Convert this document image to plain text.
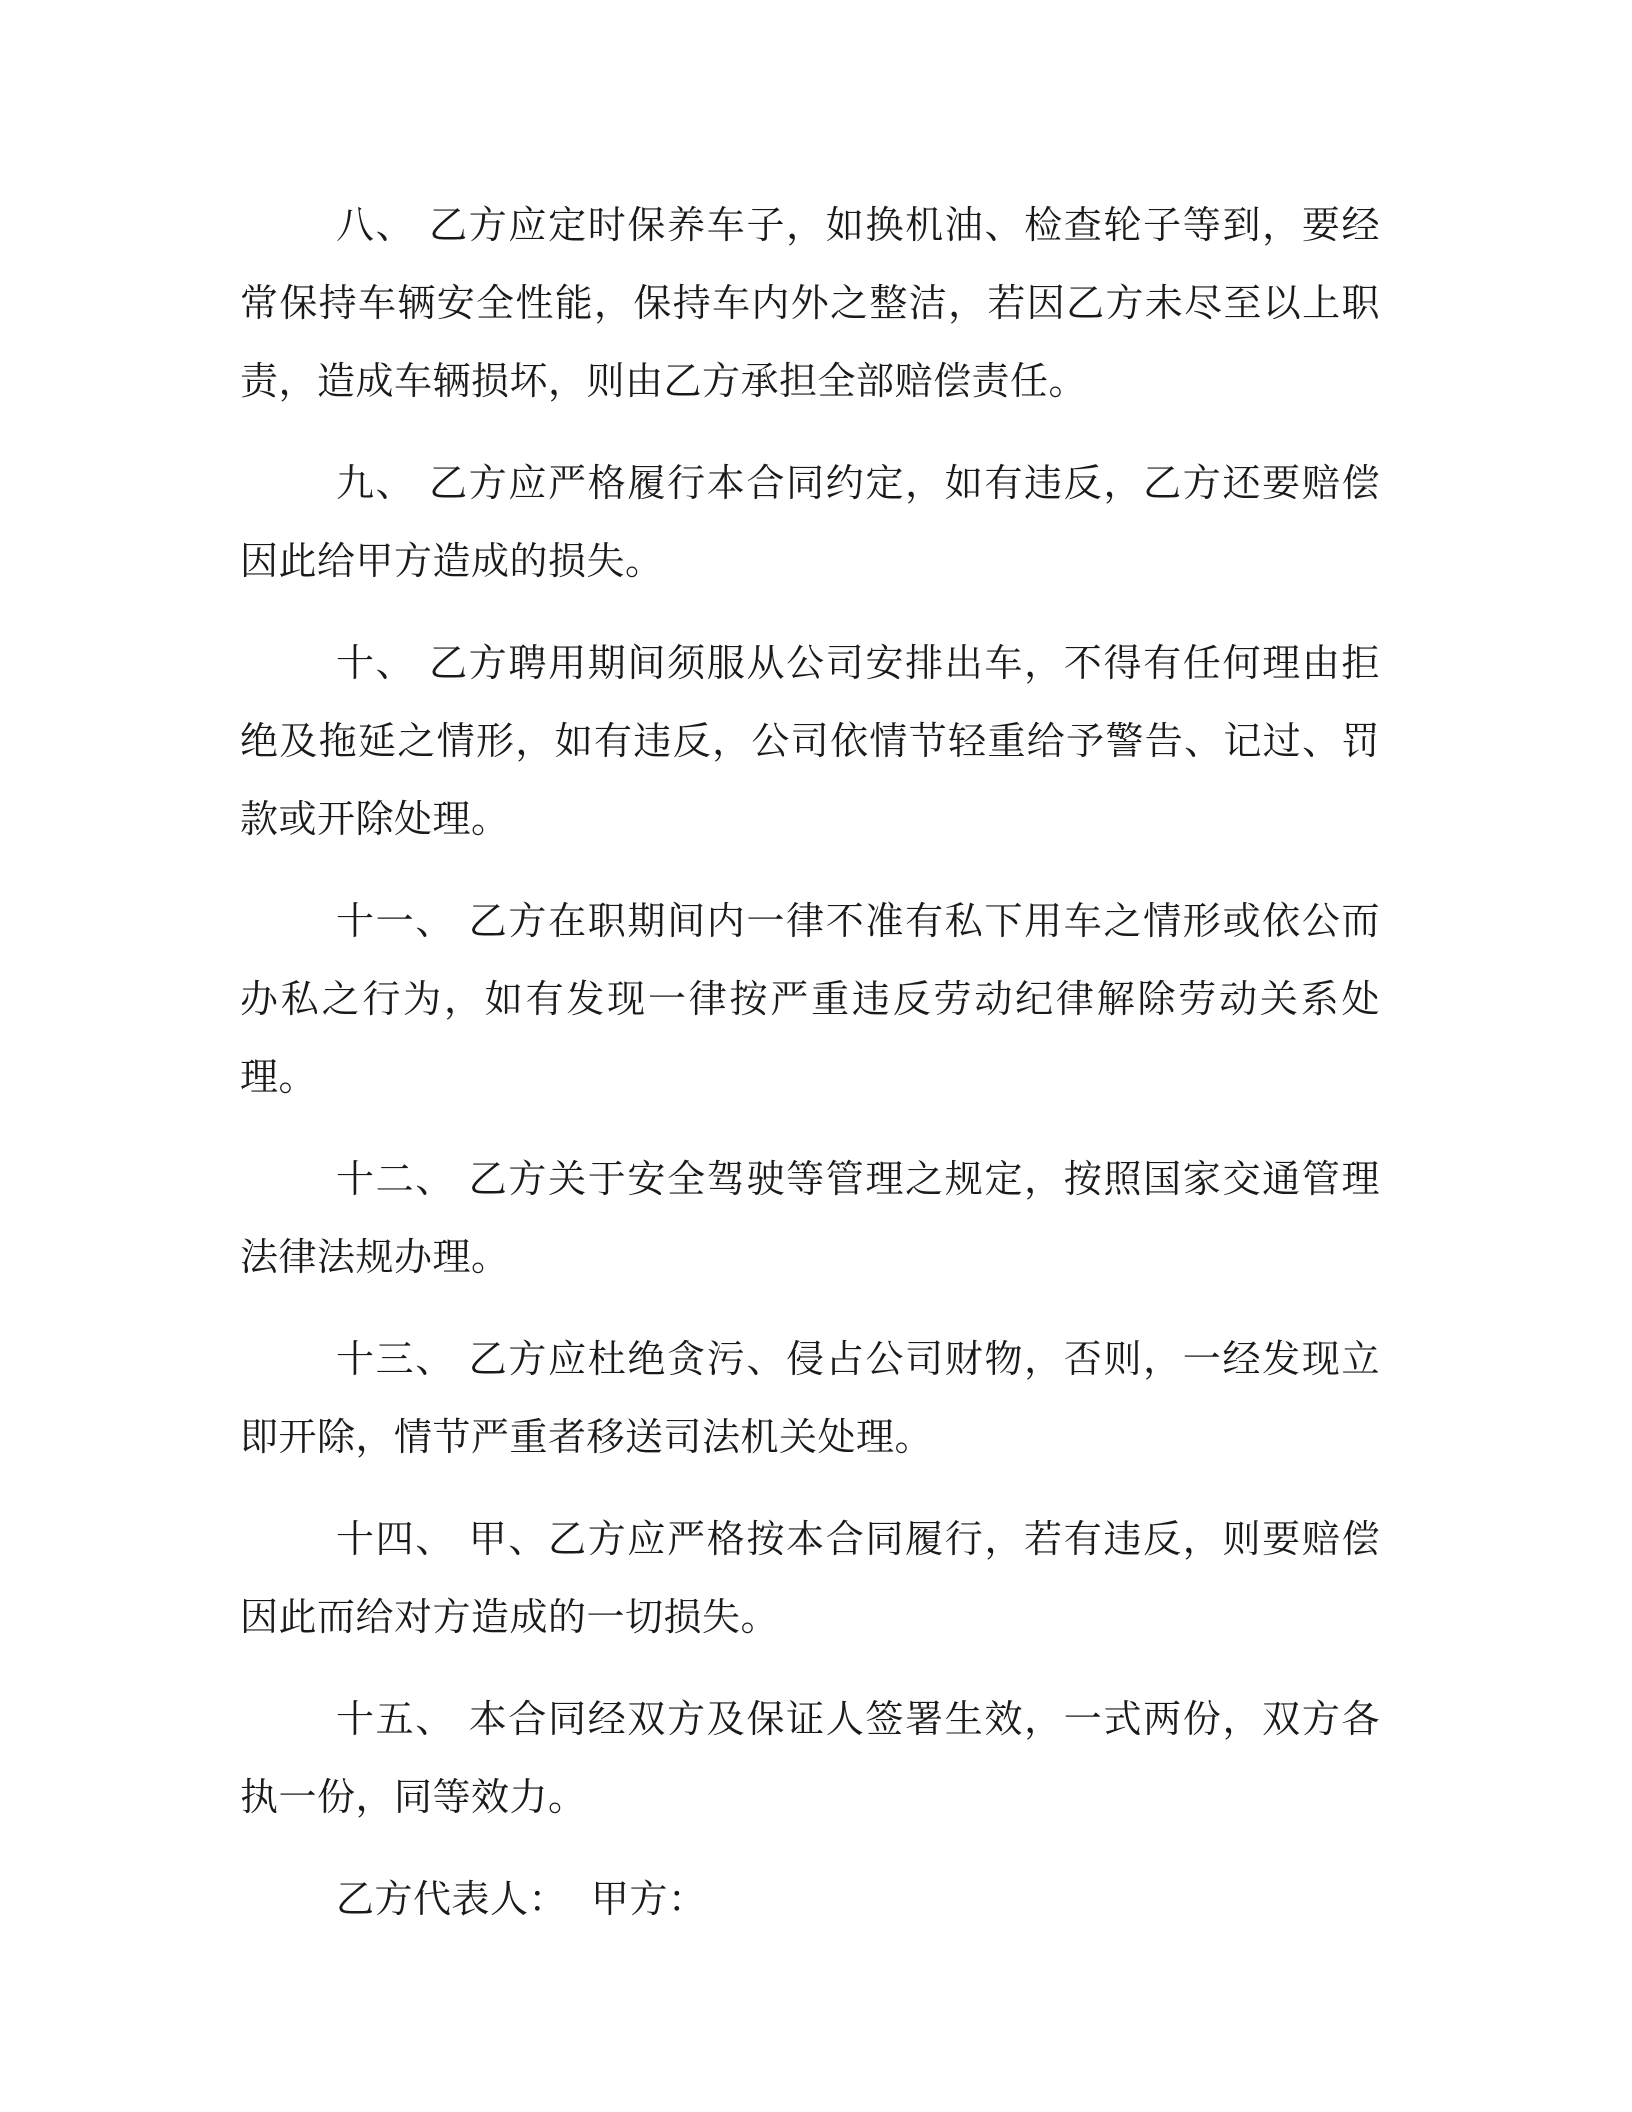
八、 乙方应定时保养车子，如换机油、检查轮子等到，要经常保持车辆安全性能，保持车内外之整洁，若因乙方未尽至以上职责，造成车辆损坏，则由乙方承担全部赔偿责任。

九、 乙方应严格履行本合同约定，如有违反，乙方还要赔偿因此给甲方造成的损失。

十、 乙方聘用期间须服从公司安排出车，不得有任何理由拒绝及拖延之情形，如有违反，公司依情节轻重给予警告、记过、罚款或开除处理。

十一、 乙方在职期间内一律不准有私下用车之情形或依公而办私之行为，如有发现一律按严重违反劳动纪律解除劳动关系处理。

十二、 乙方关于安全驾驶等管理之规定，按照国家交通管理法律法规办理。

十三、 乙方应杜绝贪污、侵占公司财物，否则，一经发现立即开除，情节严重者移送司法机关处理。

十四、 甲、乙方应严格按本合同履行，若有违反，则要赔偿因此而给对方造成的一切损失。

十五、 本合同经双方及保证人签署生效，一式两份，双方各执一份，同等效力。

乙方代表人： 甲方：
